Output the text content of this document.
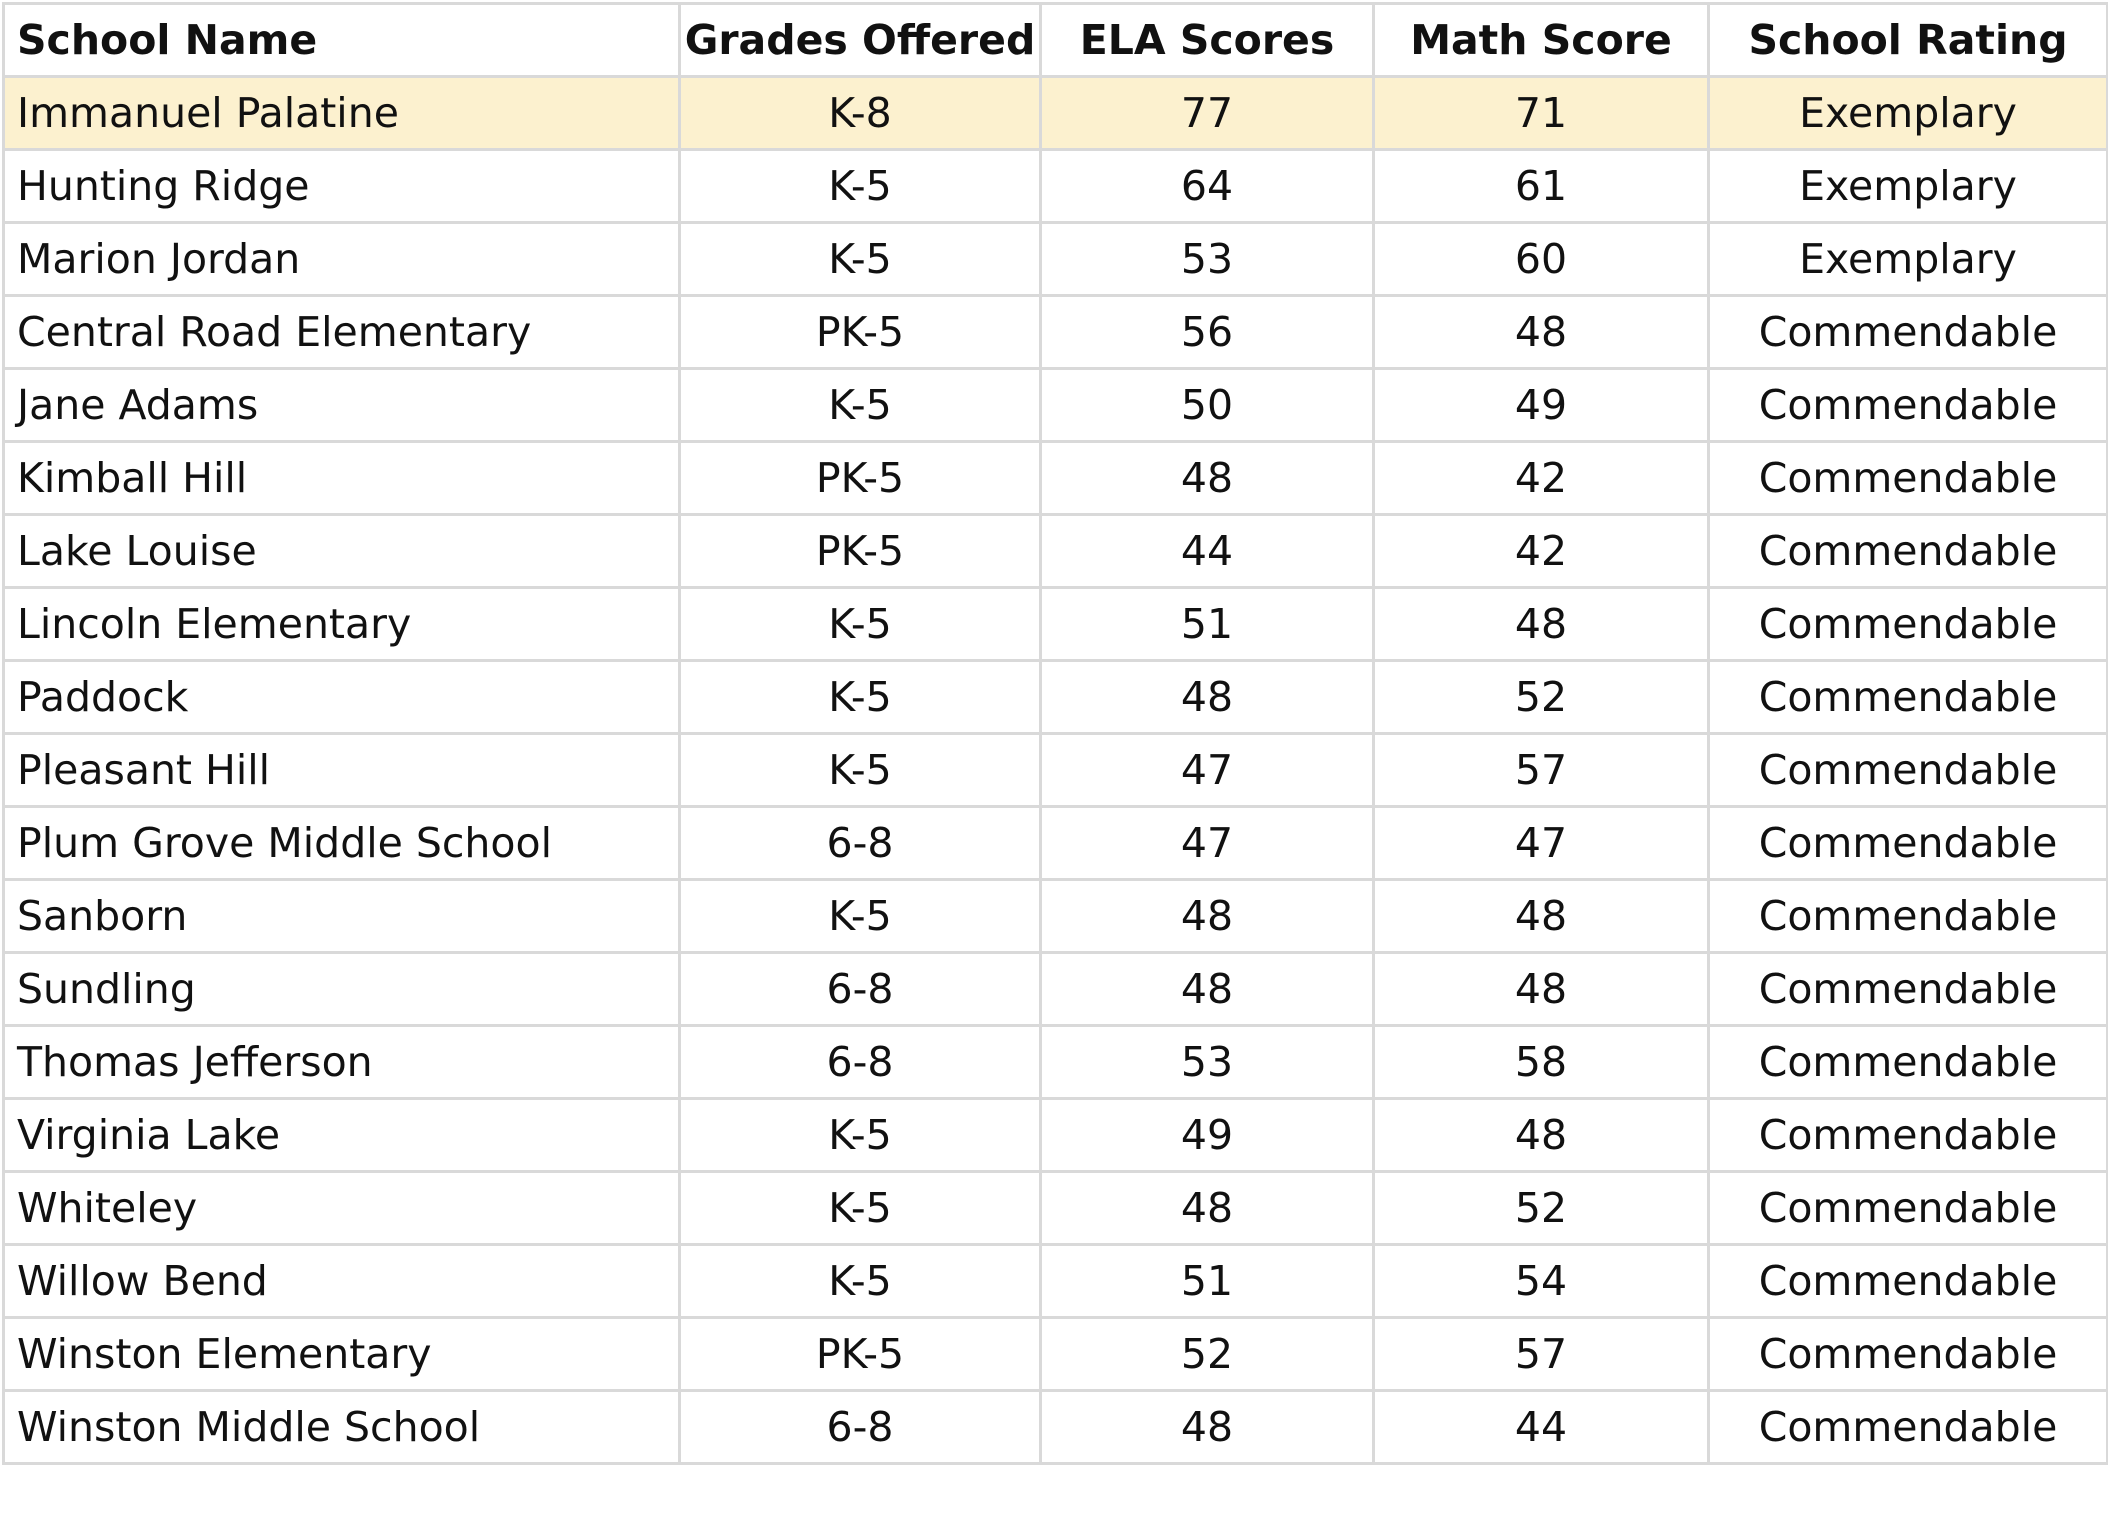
School Name	Grades Offered	ELA Scores	Math Score	School Rating
Immanuel Palatine	K-8	77	71	Exemplary
Hunting Ridge	K-5	64	61	Exemplary
Marion Jordan	K-5	53	60	Exemplary
Central Road Elementary	PK-5	56	48	Commendable
Jane Adams	K-5	50	49	Commendable
Kimball Hill	PK-5	48	42	Commendable
Lake Louise	PK-5	44	42	Commendable
Lincoln Elementary	K-5	51	48	Commendable
Paddock	K-5	48	52	Commendable
Pleasant Hill	K-5	47	57	Commendable
Plum Grove Middle School	6-8	47	47	Commendable
Sanborn	K-5	48	48	Commendable
Sundling	6-8	48	48	Commendable
Thomas Jefferson	6-8	53	58	Commendable
Virginia Lake	K-5	49	48	Commendable
Whiteley	K-5	48	52	Commendable
Willow Bend	K-5	51	54	Commendable
Winston Elementary	PK-5	52	57	Commendable
Winston Middle School	6-8	48	44	Commendable
